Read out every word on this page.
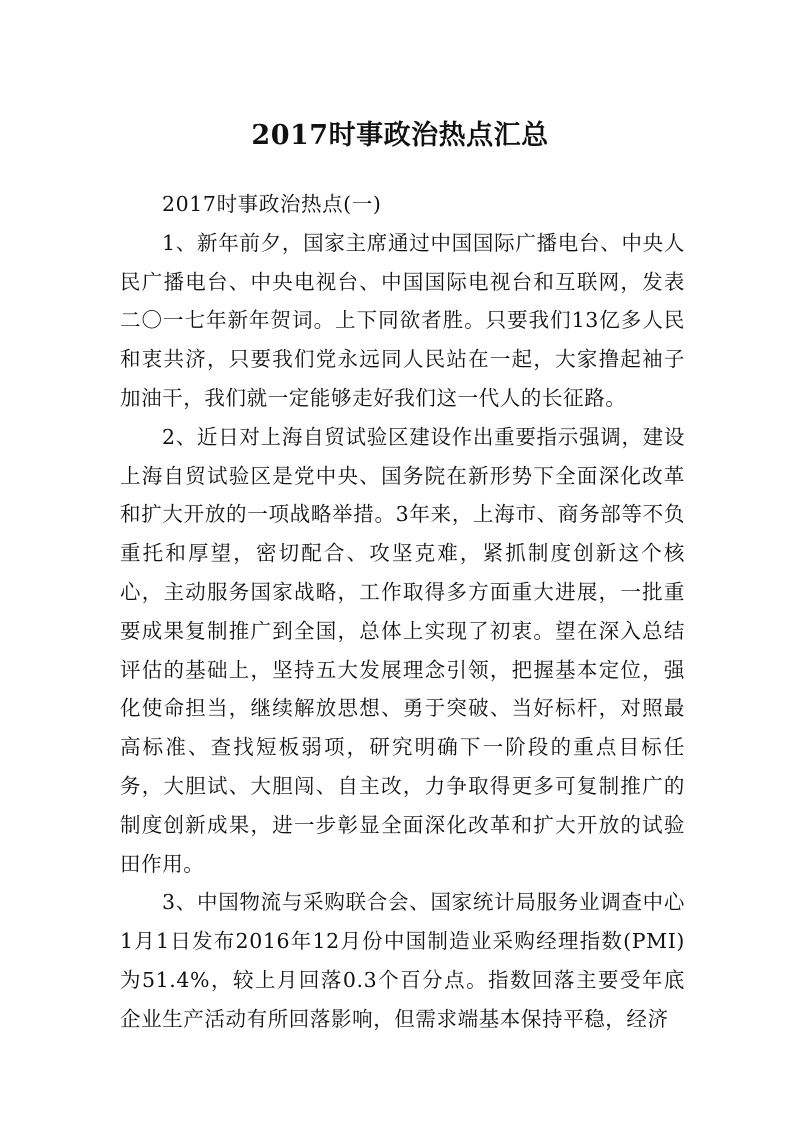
2017时事政治热点汇总

2017时事政治热点(一)

1、新年前夕，国家主席通过中国国际广播电台、中央人民广播电台、中央电视台、中国国际电视台和互联网，发表二〇一七年新年贺词。上下同欲者胜。只要我们13亿多人民和衷共济，只要我们党永远同人民站在一起，大家撸起袖子加油干，我们就一定能够走好我们这一代人的长征路。

2、近日对上海自贸试验区建设作出重要指示强调，建设上海自贸试验区是党中央、国务院在新形势下全面深化改革和扩大开放的一项战略举措。3年来，上海市、商务部等不负重托和厚望，密切配合、攻坚克难，紧抓制度创新这个核心，主动服务国家战略，工作取得多方面重大进展，一批重要成果复制推广到全国，总体上实现了初衷。望在深入总结评估的基础上，坚持五大发展理念引领，把握基本定位，强化使命担当，继续解放思想、勇于突破、当好标杆，对照最高标准、查找短板弱项，研究明确下一阶段的重点目标任务，大胆试、大胆闯、自主改，力争取得更多可复制推广的制度创新成果，进一步彰显全面深化改革和扩大开放的试验田作用。

3、中国物流与采购联合会、国家统计局服务业调查中心1月1日发布2016年12月份中国制造业采购经理指数(PMI)为51.4%，较上月回落0.3个百分点。指数回落主要受年底企业生产活动有所回落影响，但需求端基本保持平稳，经济
